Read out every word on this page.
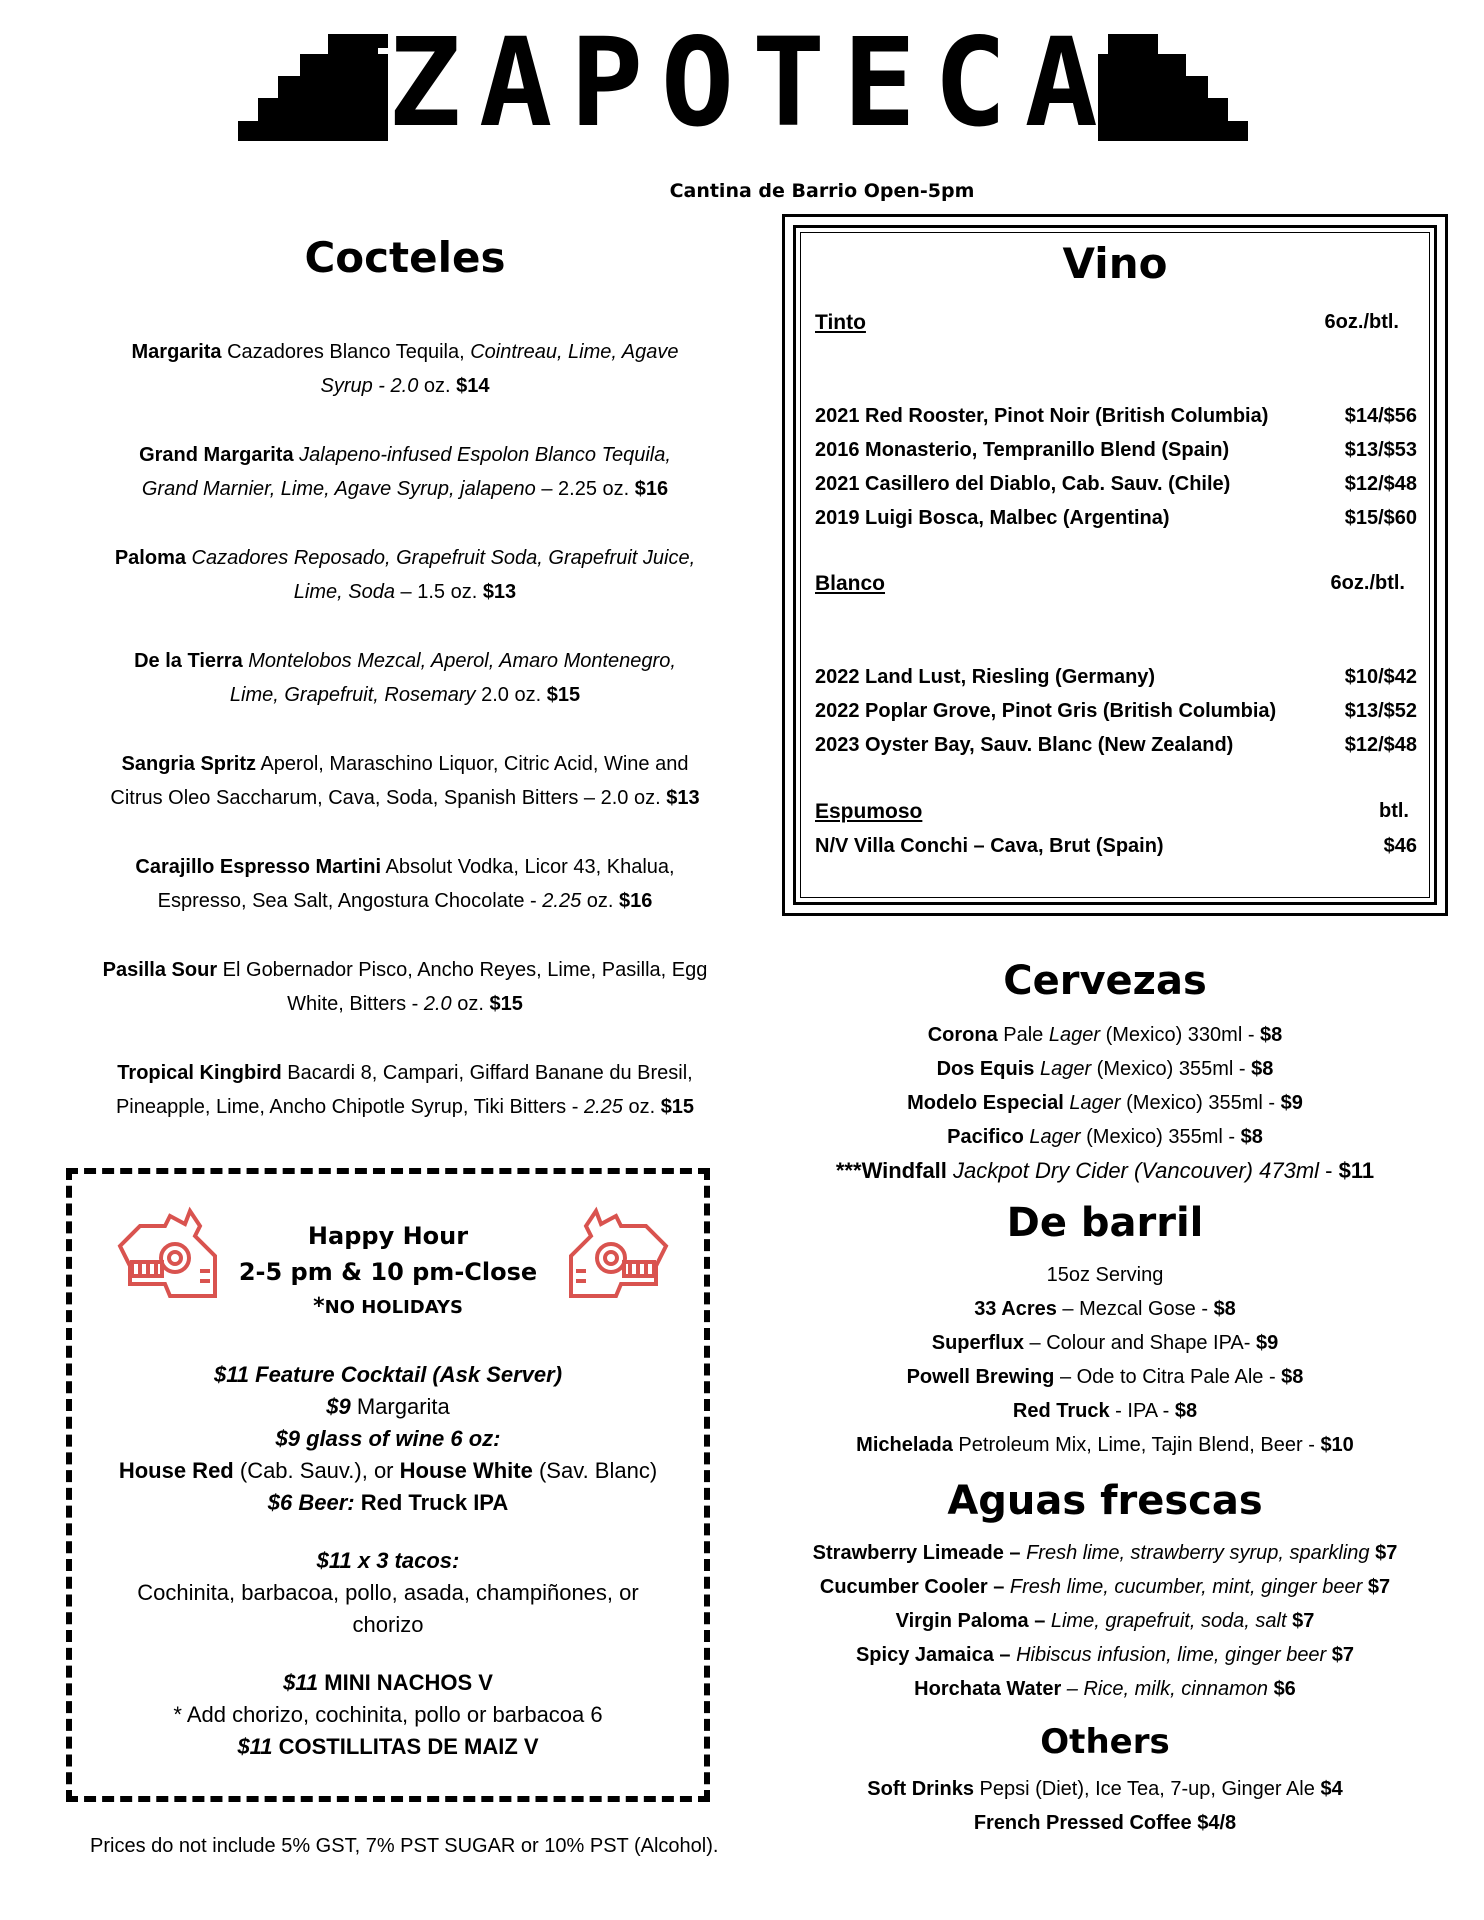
Z A P O T E C A
Cantina de Barrio Open-5pm
Cocteles
Margarita Cazadores Blanco Tequila, Cointreau, Lime, Agave
Syrup - 2.0 oz. $14
Grand Margarita Jalapeno-infused Espolon Blanco Tequila,
Grand Marnier, Lime, Agave Syrup, jalapeno – 2.25 oz. $16
Paloma Cazadores Reposado, Grapefruit Soda, Grapefruit Juice,
Lime, Soda – 1.5 oz. $13
De la Tierra Montelobos Mezcal, Aperol, Amaro Montenegro,
Lime, Grapefruit, Rosemary 2.0 oz. $15
Sangria Spritz Aperol, Maraschino Liquor, Citric Acid, Wine and
Citrus Oleo Saccharum, Cava, Soda, Spanish Bitters – 2.0 oz. $13
Carajillo Espresso Martini Absolut Vodka, Licor 43, Khalua,
Espresso, Sea Salt, Angostura Chocolate - 2.25 oz. $16
Pasilla Sour El Gobernador Pisco, Ancho Reyes, Lime, Pasilla, Egg
White, Bitters - 2.0 oz. $15
Tropical Kingbird Bacardi 8, Campari, Giffard Banane du Bresil,
Pineapple, Lime, Ancho Chipotle Syrup, Tiki Bitters - 2.25 oz. $15
Vino
Tinto	6oz./btl.
2021 Red Rooster, Pinot Noir (British Columbia)	$14/$56
2016 Monasterio, Tempranillo Blend (Spain)	$13/$53
2021 Casillero del Diablo, Cab. Sauv. (Chile)	$12/$48
2019 Luigi Bosca, Malbec (Argentina)	$15/$60
Blanco	6oz./btl.
2022 Land Lust, Riesling (Germany)	$10/$42
2022 Poplar Grove, Pinot Gris (British Columbia)	$13/$52
2023 Oyster Bay, Sauv. Blanc (New Zealand)	$12/$48
Espumoso	btl.
N/V Villa Conchi – Cava, Brut (Spain)	$46
Cervezas
Corona Pale Lager (Mexico) 330ml - $8
Dos Equis Lager (Mexico) 355ml - $8
Modelo Especial Lager (Mexico) 355ml - $9
Pacifico Lager (Mexico) 355ml - $8
***Windfall Jackpot Dry Cider (Vancouver) 473ml - $11
De barril
15oz Serving
33 Acres – Mezcal Gose - $8
Superflux – Colour and Shape IPA- $9
Powell Brewing – Ode to Citra Pale Ale - $8
Red Truck - IPA - $8
Michelada Petroleum Mix, Lime, Tajin Blend, Beer - $10
Aguas frescas
Strawberry Limeade – Fresh lime, strawberry syrup, sparkling $7
Cucumber Cooler – Fresh lime, cucumber, mint, ginger beer $7
Virgin Paloma – Lime, grapefruit, soda, salt $7
Spicy Jamaica – Hibiscus infusion, lime, ginger beer $7
Horchata Water – Rice, milk, cinnamon $6
Others
Soft Drinks Pepsi (Diet), Ice Tea, 7-up, Ginger Ale $4
French Pressed Coffee $4/8
Happy Hour
2-5 pm & 10 pm-Close
*NO HOLIDAYS
$11 Feature Cocktail (Ask Server)
$9 Margarita
$9 glass of wine 6 oz:
House Red (Cab. Sauv.), or House White (Sav. Blanc)
$6 Beer: Red Truck IPA
$11 x 3 tacos:
Cochinita, barbacoa, pollo, asada, champiñones, or
chorizo
$11 MINI NACHOS V
* Add chorizo, cochinita, pollo or barbacoa 6
$11 COSTILLITAS DE MAIZ V
Prices do not include 5% GST, 7% PST SUGAR or 10% PST (Alcohol).
